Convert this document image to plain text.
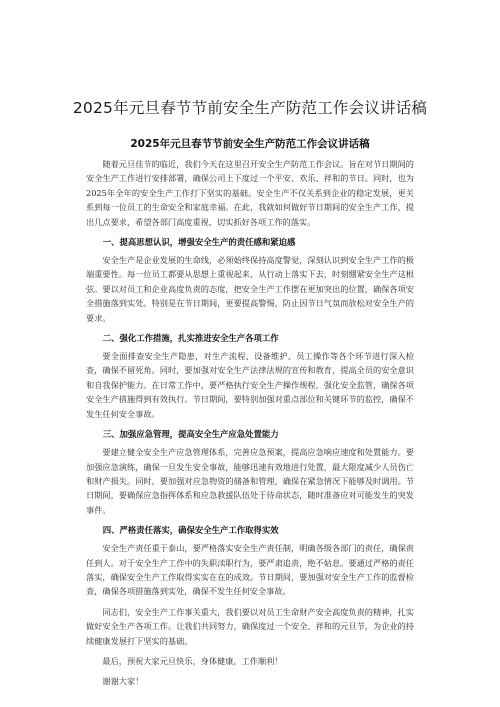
2025年元旦春节节前安全生产防范工作会议讲话稿
2025年元旦春节节前安全生产防范工作会议讲话稿

随着元旦佳节的临近，我们今天在这里召开安全生产防范工作会议。旨在对节日期间的安全生产工作进行安排部署，确保公司上下度过一个平安、欢乐、祥和的节日。同时，也为2025年全年的安全生产工作打下坚实的基础。安全生产不仅关系到企业的稳定发展，更关系到每一位员工的生命安全和家庭幸福。在此，我就如何做好节日期间的安全生产工作，提出几点要求，希望各部门高度重视，切实抓好各项工作的落实。

一、提高思想认识，增强安全生产的责任感和紧迫感

安全生产是企业发展的生命线，必须始终保持高度警觉，深刻认识到安全生产工作的极端重要性。每一位员工都要从思想上重视起来，从行动上落实下去，时刻绷紧安全生产这根弦。要以对员工和企业高度负责的态度，把安全生产工作摆在更加突出的位置，确保各项安全措施落到实处。特别是在节日期间，更要提高警惕，防止因节日气氛而放松对安全生产的要求。

二、强化工作措施，扎实推进安全生产各项工作

要全面排查安全生产隐患，对生产流程、设备维护、员工操作等各个环节进行深入检查，确保不留死角。同时，要加强对安全生产法律法规的宣传和教育，提高全员的安全意识和自我保护能力。在日常工作中，要严格执行安全生产操作规程，强化安全监管，确保各项安全生产措施得到有效执行。节日期间，要特别加强对重点部位和关键环节的监控，确保不发生任何安全事故。

三、加强应急管理，提高安全生产应急处置能力

要建立健全安全生产应急管理体系，完善应急预案，提高应急响应速度和处置能力。要加强应急演练，确保一旦发生安全事故，能够迅速有效地进行处置，最大限度减少人员伤亡和财产损失。同时，要加强对应急物资的储备和管理，确保在紧急情况下能够及时调用。节日期间，要确保应急指挥体系和应急救援队伍处于待命状态，随时准备应对可能发生的突发事件。

四、严格责任落实，确保安全生产工作取得实效

安全生产责任重于泰山，要严格落实安全生产责任制，明确各级各部门的责任，确保责任到人。对于安全生产工作中的失职渎职行为，要严肃追责，绝不姑息。要通过严格的责任落实，确保安全生产工作取得实实在在的成效。节日期间，要加强对安全生产工作的监督检查，确保各项措施落到实处，确保不发生任何安全事故。

同志们，安全生产工作事关重大，我们要以对员工生命财产安全高度负责的精神，扎实做好安全生产各项工作。让我们共同努力，确保度过一个安全、祥和的元旦节，为企业的持续健康发展打下坚实的基础。

最后，预祝大家元旦快乐，身体健康，工作顺利！

谢谢大家！
